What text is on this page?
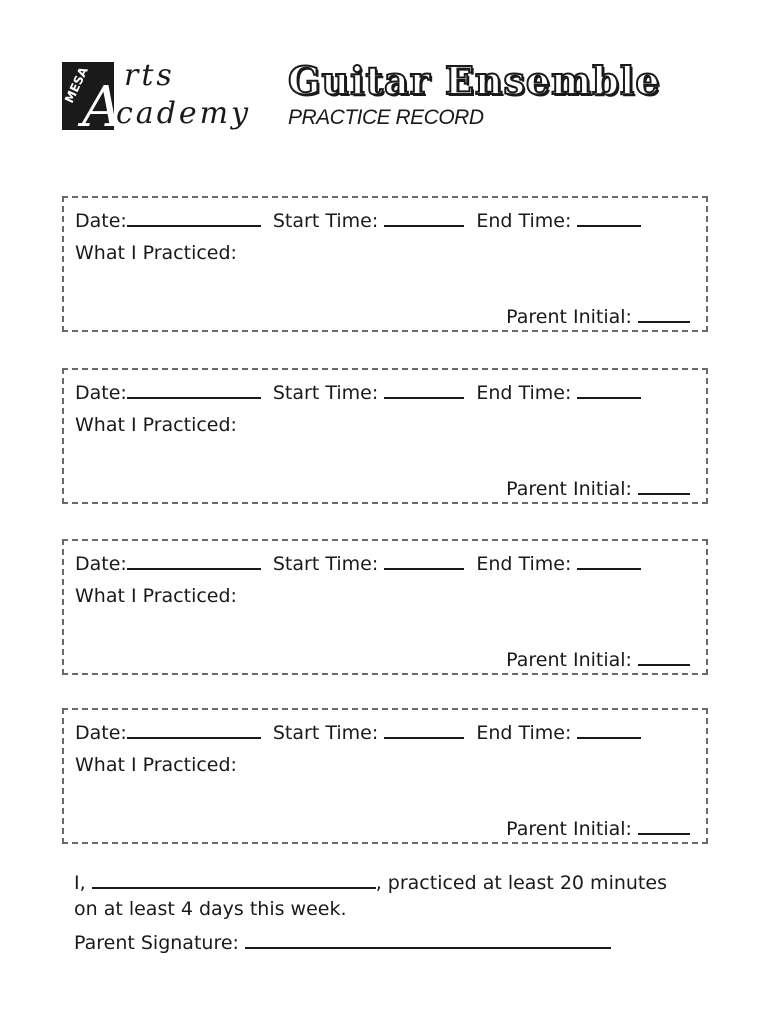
MESA
A rts
cademy
Guitar Ensemble
PRACTICE RECORD
Date:	Start Time:	End Time:
What I Practiced:
Parent Initial:
Date:	Start Time:	End Time:
What I Practiced:
Parent Initial:
Date:	Start Time:	End Time:
What I Practiced:
Parent Initial:
Date:	Start Time:	End Time:
What I Practiced:
Parent Initial:
I,	, practiced at least 20 minutes on at least 4 days this week.
Parent Signature:
